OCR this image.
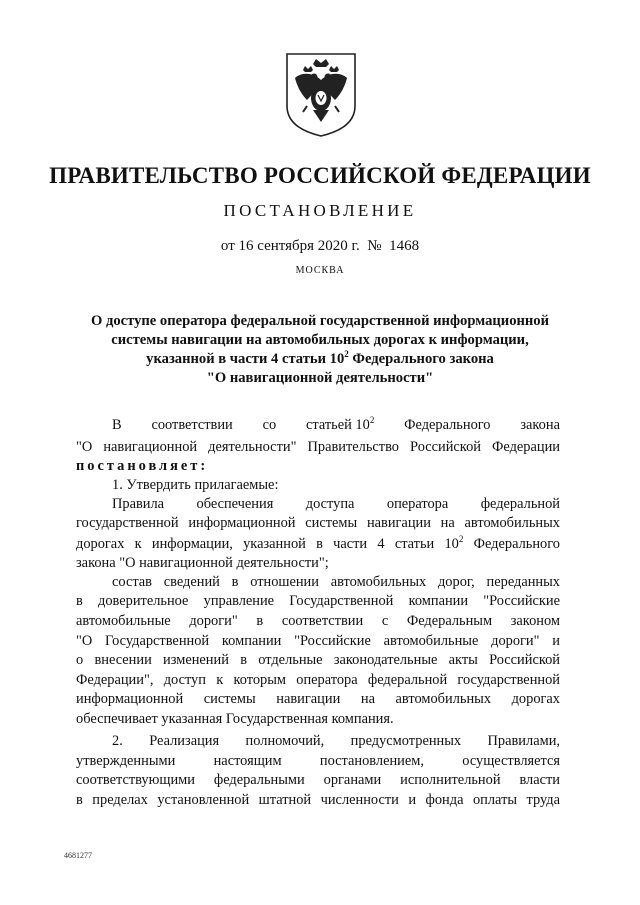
ПРАВИТЕЛЬСТВО РОССИЙСКОЙ ФЕДЕРАЦИИ
ПОСТАНОВЛЕНИЕ
от 16 сентября 2020 г.  №  1468
МОСКВА
О доступе оператора федеральной государственной информационной
системы навигации на автомобильных дорогах к информации,
указанной в части 4 статьи $10^2$ Федерального закона
"О навигационной деятельности"
В соответствии со статьей $10^2$ Федерального закона
"О навигационной деятельности" Правительство Российской Федерации
постановляет:
1. Утвердить прилагаемые:
Правила обеспечения доступа оператора федеральной
государственной информационной системы навигации на автомобильных
дорогах к информации, указанной в части 4 статьи $10^2$ Федерального
закона "О навигационной деятельности";
состав сведений в отношении автомобильных дорог, переданных
в доверительное управление Государственной компании "Российские
автомобильные дороги" в соответствии с Федеральным законом
"О Государственной компании "Российские автомобильные дороги" и
о внесении изменений в отдельные законодательные акты Российской
Федерации", доступ к которым оператора федеральной государственной
информационной системы навигации на автомобильных дорогах
обеспечивает указанная Государственная компания.
2. Реализация полномочий, предусмотренных Правилами,
утвержденными настоящим постановлением, осуществляется
соответствующими федеральными органами исполнительной власти
в пределах установленной штатной численности и фонда оплаты труда
4681277
